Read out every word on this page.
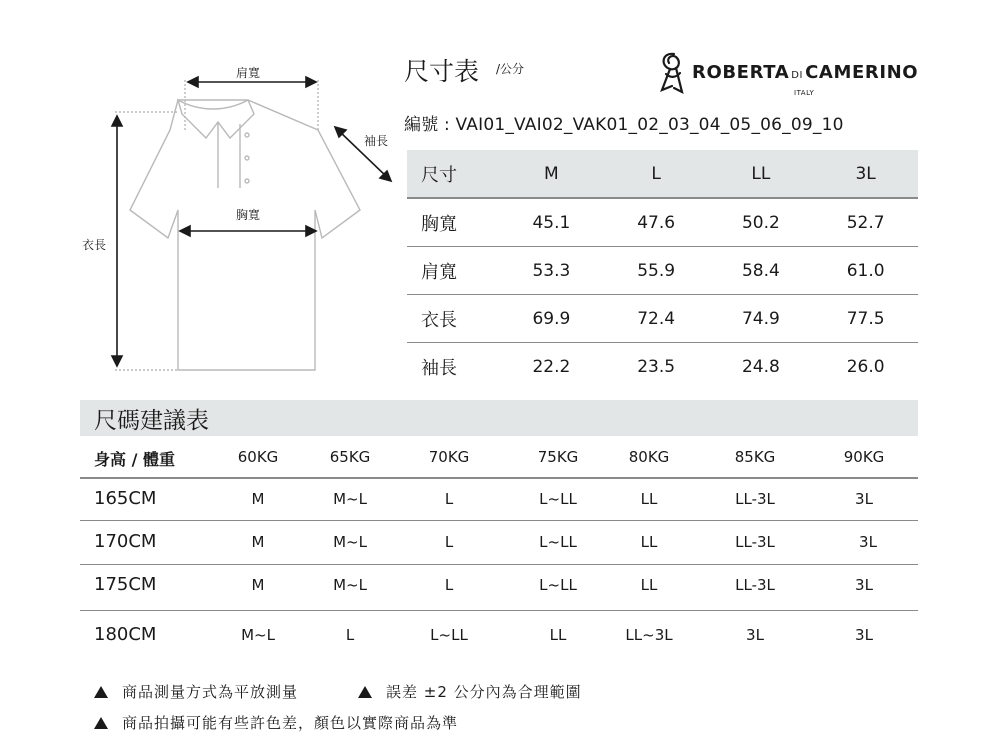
尺寸表 /公分
編號 : VAI01_VAI02_VAK01_02_03_04_05_06_09_10
ROBERTA DI CAMERINO
ITALY
肩寬
胸寬
袖長
衣長
尺寸	M	L	LL	3L
胸寬	45.1	47.6	50.2	52.7
肩寬	53.3	55.9	58.4	61.0
衣長	69.9	72.4	74.9	77.5
袖長	22.2	23.5	24.8	26.0
尺碼建議表
身高 / 體重	60KG	65KG	70KG	75KG	80KG	85KG	90KG
165CM	M	M~L	L	L~LL	LL	LL-3L	3L
170CM	M	M~L	L	L~LL	LL	LL-3L	3L
175CM	M	M~L	L	L~LL	LL	LL-3L	3L
180CM	M~L	L	L~LL	LL	LL~3L	3L	3L
商品測量方式為平放測量	誤差 ±2 公分內為合理範圍
商品拍攝可能有些許色差，顏色以實際商品為準
